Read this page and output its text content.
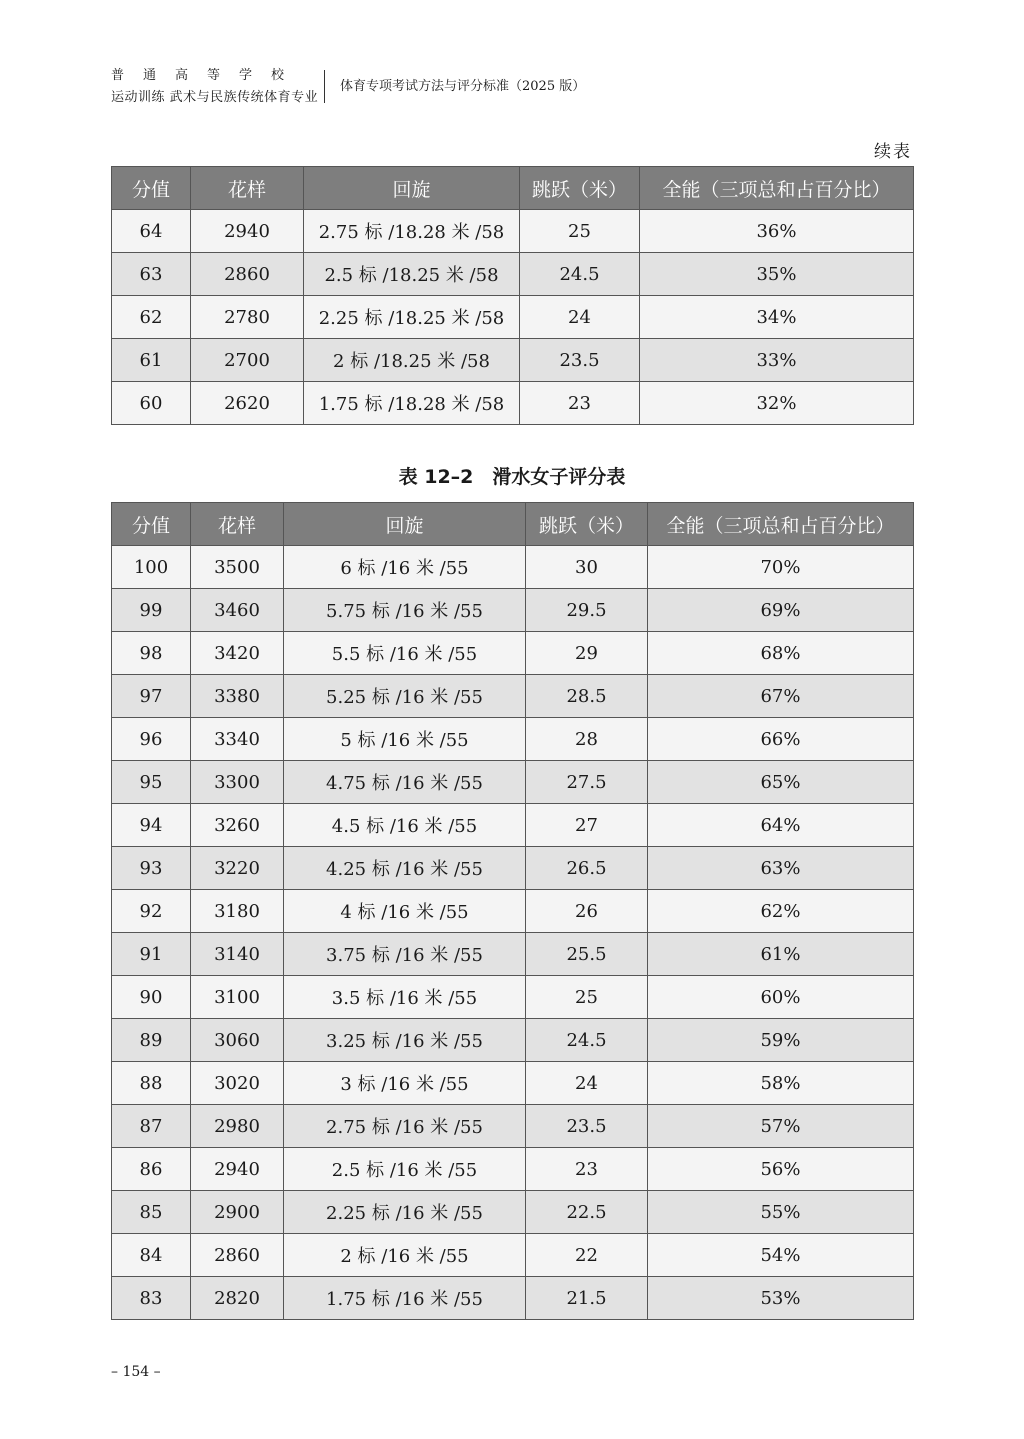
普通高等学校
运动训练 武术与民族传统体育专业
体育专项考试方法与评分标准（2025 版）
续表
分值	花样	回旋	跳跃（米）	全能（三项总和占百分比）
64	2940	2.75 标 /18.28 米 /58	25	36%
63	2860	2.5 标 /18.25 米 /58	24.5	35%
62	2780	2.25 标 /18.25 米 /58	24	34%
61	2700	2 标 /18.25 米 /58	23.5	33%
60	2620	1.75 标 /18.28 米 /58	23	32%
表 12–2　滑水女子评分表
分值	花样	回旋	跳跃（米）	全能（三项总和占百分比）
100	3500	6 标 /16 米 /55	30	70%
99	3460	5.75 标 /16 米 /55	29.5	69%
98	3420	5.5 标 /16 米 /55	29	68%
97	3380	5.25 标 /16 米 /55	28.5	67%
96	3340	5 标 /16 米 /55	28	66%
95	3300	4.75 标 /16 米 /55	27.5	65%
94	3260	4.5 标 /16 米 /55	27	64%
93	3220	4.25 标 /16 米 /55	26.5	63%
92	3180	4 标 /16 米 /55	26	62%
91	3140	3.75 标 /16 米 /55	25.5	61%
90	3100	3.5 标 /16 米 /55	25	60%
89	3060	3.25 标 /16 米 /55	24.5	59%
88	3020	3 标 /16 米 /55	24	58%
87	2980	2.75 标 /16 米 /55	23.5	57%
86	2940	2.5 标 /16 米 /55	23	56%
85	2900	2.25 标 /16 米 /55	22.5	55%
84	2860	2 标 /16 米 /55	22	54%
83	2820	1.75 标 /16 米 /55	21.5	53%
– 154 –
